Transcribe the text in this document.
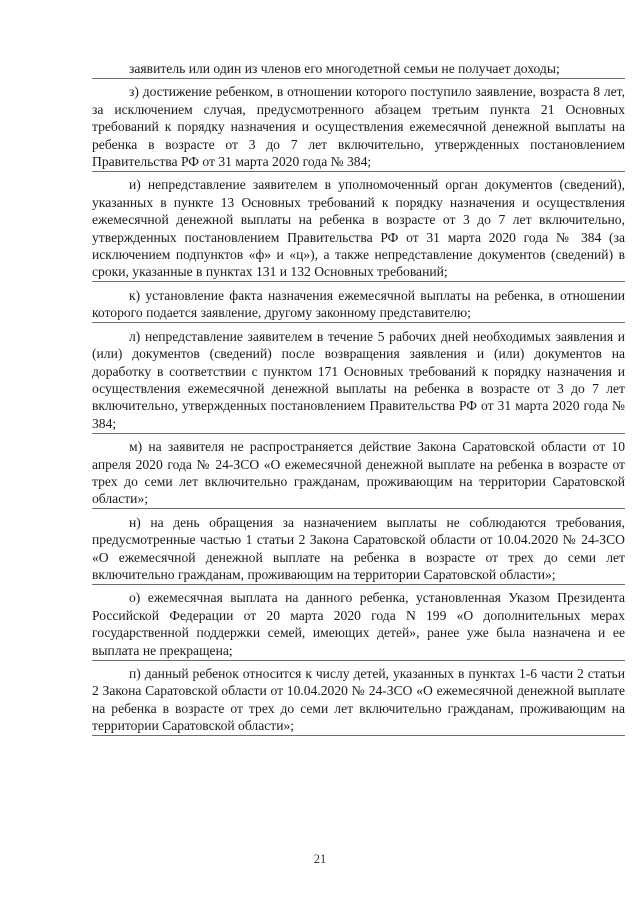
заявитель или один из членов его многодетной семьи не получает доходы;

з) достижение ребенком, в отношении которого поступило заявление, возраста 8 лет, за исключением случая, предусмотренного абзацем третьим пункта 21 Основных требований к порядку назначения и осуществления ежемесячной денежной выплаты на ребенка в возрасте от 3 до 7 лет включительно, утвержденных постановлением Правительства РФ от 31 марта 2020 года № 384;

и) непредставление заявителем в уполномоченный орган документов (сведений), указанных в пункте 13 Основных требований к порядку назначения и осуществления ежемесячной денежной выплаты на ребенка в возрасте от 3 до 7 лет включительно, утвержденных постановлением Правительства РФ от 31 марта 2020 года № 384 (за исключением подпунктов «ф» и «ц»), а также непредставление документов (сведений) в сроки, указанные в пунктах 131 и 132 Основных требований;

к) установление факта назначения ежемесячной выплаты на ребенка, в отношении которого подается заявление, другому законному представителю;

л) непредставление заявителем в течение 5 рабочих дней необходимых заявления и (или) документов (сведений) после возвращения заявления и (или) документов на доработку в соответствии с пунктом 171 Основных требований к порядку назначения и осуществления ежемесячной денежной выплаты на ребенка в возрасте от 3 до 7 лет включительно, утвержденных постановлением Правительства РФ от 31 марта 2020 года № 384;

м) на заявителя не распространяется действие Закона Саратовской области от 10 апреля 2020 года № 24-ЗСО «О ежемесячной денежной выплате на ребенка в возрасте от трех до семи лет включительно гражданам, проживающим на территории Саратовской области»;

н) на день обращения за назначением выплаты не соблюдаются требования, предусмотренные частью 1 статьи 2 Закона Саратовской области от 10.04.2020 № 24-ЗСО «О ежемесячной денежной выплате на ребенка в возрасте от трех до семи лет включительно гражданам, проживающим на территории Саратовской области»;

о) ежемесячная выплата на данного ребенка, установленная Указом Президента Российской Федерации от 20 марта 2020 года N 199 «О дополнительных мерах государственной поддержки семей, имеющих детей», ранее уже была назначена и ее выплата не прекращена;

п) данный ребенок относится к числу детей, указанных в пунктах 1-6 части 2 статьи 2 Закона Саратовской области от 10.04.2020 № 24-ЗСО «О ежемесячной денежной выплате на ребенка в возрасте от трех до семи лет включительно гражданам, проживающим на территории Саратовской области»;

21
